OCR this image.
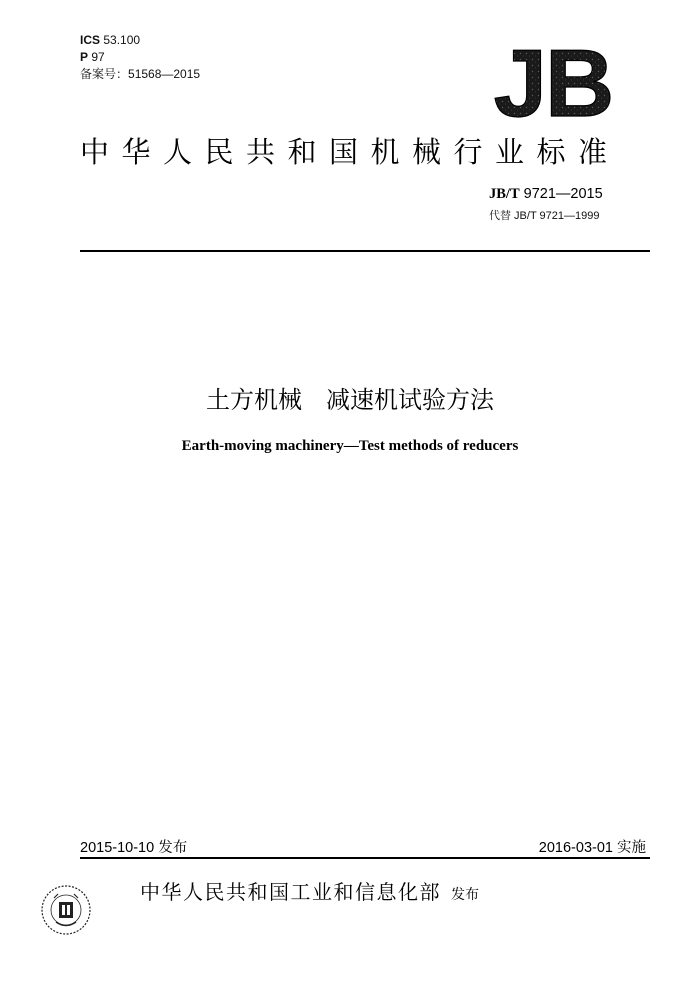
ICS 53.100
P 97
备案号：51568—2015	JB
中华人民共和国机械行业标准
JB/T 9721—2015
代替 JB/T 9721—1999
土方机械　减速机试验方法
Earth-moving machinery—Test methods of reducers
2015-10-10 发布	2016-03-01 实施
中华人民共和国工业和信息化部 发布
